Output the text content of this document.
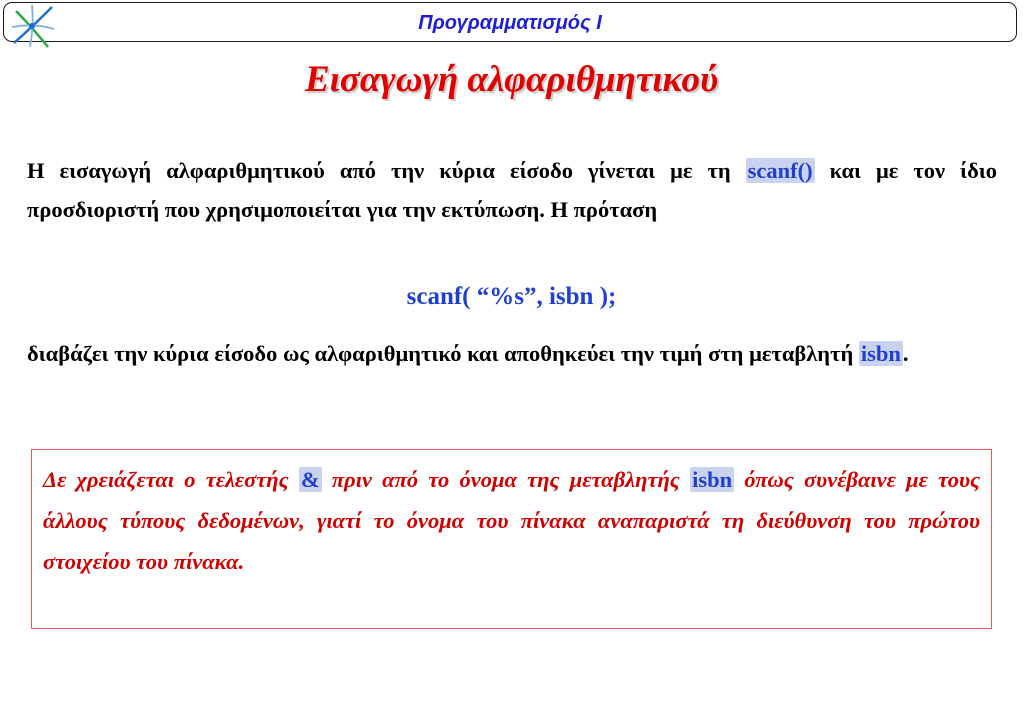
Προγραμματισμός Ι
Εισαγωγή αλφαριθμητικού
Η εισαγωγή αλφαριθμητικού από την κύρια είσοδο γίνεται με τη scanf() και με τον ίδιο προσδιοριστή που χρησιμοποιείται για την εκτύπωση. Η πρόταση
scanf( “%s”, isbn );
διαβάζει την κύρια είσοδο ως αλφαριθμητικό και αποθηκεύει την τιμή στη μεταβλητή isbn.
Δε χρειάζεται ο τελεστής & πριν από το όνομα της μεταβλητής isbn όπως συνέβαινε με τους άλλους τύπους δεδομένων, γιατί το όνομα του πίνακα αναπαριστά τη διεύθυνση του πρώτου στοιχείου του πίνακα.
